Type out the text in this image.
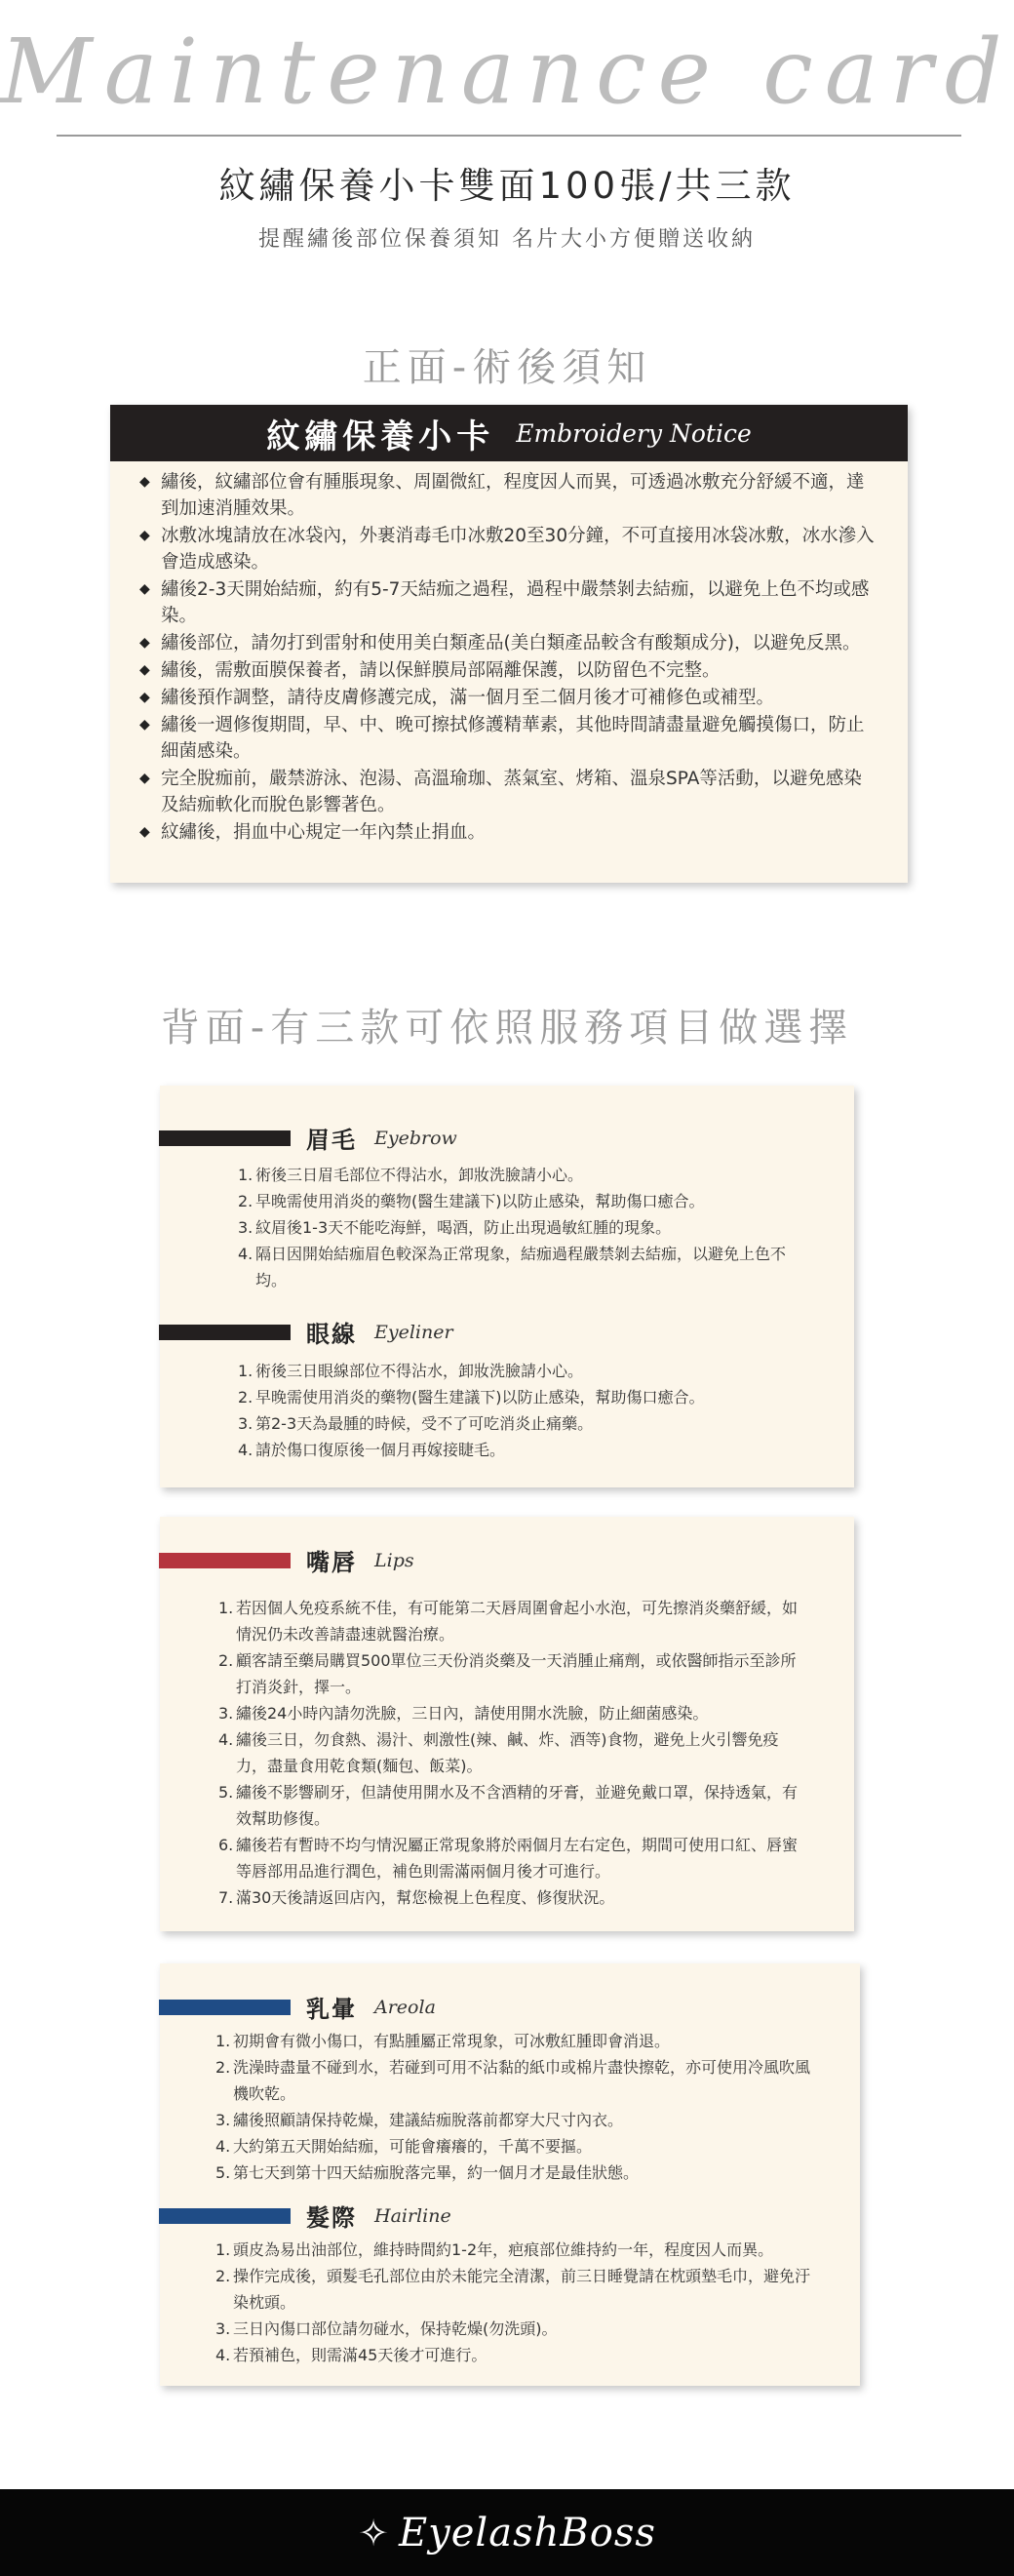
Maintenance card
紋繡保養小卡雙面100張/共三款
提醒繡後部位保養須知 名片大小方便贈送收納
正面-術後須知
紋繡保養小卡 Embroidery Notice
◆ 繡後，紋繡部位會有腫脹現象、周圍微紅，程度因人而異，可透過冰敷充分舒緩不適，達到加速消腫效果。
◆ 冰敷冰塊請放在冰袋內，外裹消毒毛巾冰敷20至30分鐘，不可直接用冰袋冰敷，冰水滲入會造成感染。
◆ 繡後2-3天開始結痂，約有5-7天結痂之過程，過程中嚴禁剝去結痂，以避免上色不均或感染。
◆ 繡後部位，請勿打到雷射和使用美白類產品(美白類產品較含有酸類成分)，以避免反黑。
◆ 繡後，需敷面膜保養者，請以保鮮膜局部隔離保護，以防留色不完整。
◆ 繡後預作調整，請待皮膚修護完成，滿一個月至二個月後才可補修色或補型。
◆ 繡後一週修復期間，早、中、晚可擦拭修護精華素，其他時間請盡量避免觸摸傷口，防止細菌感染。
◆ 完全脫痂前，嚴禁游泳、泡湯、高溫瑜珈、蒸氣室、烤箱、溫泉SPA等活動，以避免感染及結痂軟化而脫色影響著色。
◆ 紋繡後，捐血中心規定一年內禁止捐血。
背面-有三款可依照服務項目做選擇
眉毛 Eyebrow
1. 術後三日眉毛部位不得沾水，卸妝洗臉請小心。
2. 早晚需使用消炎的藥物(醫生建議下)以防止感染，幫助傷口癒合。
3. 紋眉後1-3天不能吃海鮮，喝酒，防止出現過敏紅腫的現象。
4. 隔日因開始結痂眉色較深為正常現象，結痂過程嚴禁剝去結痂，以避免上色不均。
眼線 Eyeliner
1. 術後三日眼線部位不得沾水，卸妝洗臉請小心。
2. 早晚需使用消炎的藥物(醫生建議下)以防止感染，幫助傷口癒合。
3. 第2-3天為最腫的時候，受不了可吃消炎止痛藥。
4. 請於傷口復原後一個月再嫁接睫毛。
嘴唇 Lips
1. 若因個人免疫系統不佳，有可能第二天唇周圍會起小水泡，可先擦消炎藥舒緩，如情況仍未改善請盡速就醫治療。
2. 顧客請至藥局購買500單位三天份消炎藥及一天消腫止痛劑，或依醫師指示至診所打消炎針，擇一。
3. 繡後24小時內請勿洗臉，三日內，請使用開水洗臉，防止細菌感染。
4. 繡後三日，勿食熱、湯汁、刺激性(辣、鹹、炸、酒等)食物，避免上火引響免疫力，盡量食用乾食類(麵包、飯菜)。
5. 繡後不影響刷牙，但請使用開水及不含酒精的牙膏，並避免戴口罩，保持透氣，有效幫助修復。
6. 繡後若有暫時不均勻情況屬正常現象將於兩個月左右定色，期間可使用口紅、唇蜜等唇部用品進行潤色，補色則需滿兩個月後才可進行。
7. 滿30天後請返回店內，幫您檢視上色程度、修復狀況。
乳暈 Areola
1. 初期會有微小傷口，有點腫屬正常現象，可冰敷紅腫即會消退。
2. 洗澡時盡量不碰到水，若碰到可用不沾黏的紙巾或棉片盡快擦乾，亦可使用冷風吹風機吹乾。
3. 繡後照顧請保持乾燥，建議結痂脫落前都穿大尺寸內衣。
4. 大約第五天開始結痂，可能會癢癢的，千萬不要摳。
5. 第七天到第十四天結痂脫落完畢，約一個月才是最佳狀態。
髮際 Hairline
1. 頭皮為易出油部位，維持時間約1-2年，疤痕部位維持約一年，程度因人而異。
2. 操作完成後，頭髮毛孔部位由於未能完全清潔，前三日睡覺請在枕頭墊毛巾，避免汙染枕頭。
3. 三日內傷口部位請勿碰水，保持乾燥(勿洗頭)。
4. 若預補色，則需滿45天後才可進行。
✧ EyelashBoss
